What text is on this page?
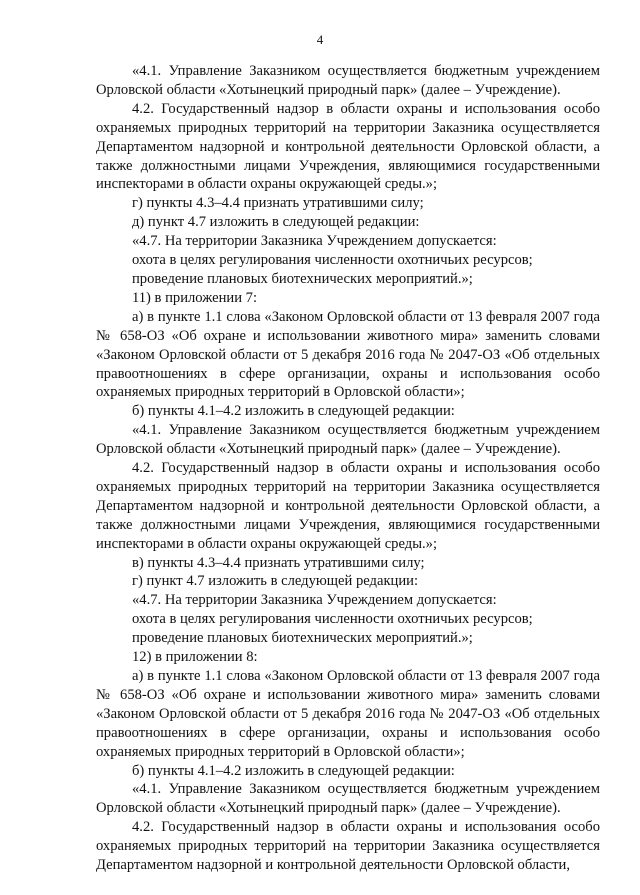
4

«4.1. Управление Заказником осуществляется бюджетным учреждением Орловской области «Хотынецкий природный парк» (далее – Учреждение).

4.2. Государственный надзор в области охраны и использования особо охраняемых природных территорий на территории Заказника осуществляется Департаментом надзорной и контрольной деятельности Орловской области, а также должностными лицами Учреждения, являющимися государственными инспекторами в области охраны окружающей среды.»;

г) пункты 4.3–4.4 признать утратившими силу;

д) пункт 4.7 изложить в следующей редакции:

«4.7. На территории Заказника Учреждением допускается:

охота в целях регулирования численности охотничьих ресурсов;

проведение плановых биотехнических мероприятий.»;

11) в приложении 7:

а) в пункте 1.1 слова «Законом Орловской области от 13 февраля 2007 года № 658-ОЗ «Об охране и использовании животного мира» заменить словами «Законом Орловской области от 5 декабря 2016 года № 2047-ОЗ «Об отдельных правоотношениях в сфере организации, охраны и использования особо охраняемых природных территорий в Орловской области»;

б) пункты 4.1–4.2 изложить в следующей редакции:

«4.1. Управление Заказником осуществляется бюджетным учреждением Орловской области «Хотынецкий природный парк» (далее – Учреждение).

4.2. Государственный надзор в области охраны и использования особо охраняемых природных территорий на территории Заказника осуществляется Департаментом надзорной и контрольной деятельности Орловской области, а также должностными лицами Учреждения, являющимися государственными инспекторами в области охраны окружающей среды.»;

в) пункты 4.3–4.4 признать утратившими силу;

г) пункт 4.7 изложить в следующей редакции:

«4.7. На территории Заказника Учреждением допускается:

охота в целях регулирования численности охотничьих ресурсов;

проведение плановых биотехнических мероприятий.»;

12) в приложении 8:

а) в пункте 1.1 слова «Законом Орловской области от 13 февраля 2007 года № 658-ОЗ «Об охране и использовании животного мира» заменить словами «Законом Орловской области от 5 декабря 2016 года № 2047-ОЗ «Об отдельных правоотношениях в сфере организации, охраны и использования особо охраняемых природных территорий в Орловской области»;

б) пункты 4.1–4.2 изложить в следующей редакции:

«4.1. Управление Заказником осуществляется бюджетным учреждением Орловской области «Хотынецкий природный парк» (далее – Учреждение).

4.2. Государственный надзор в области охраны и использования особо охраняемых природных территорий на территории Заказника осуществляется Департаментом надзорной и контрольной деятельности Орловской области,
